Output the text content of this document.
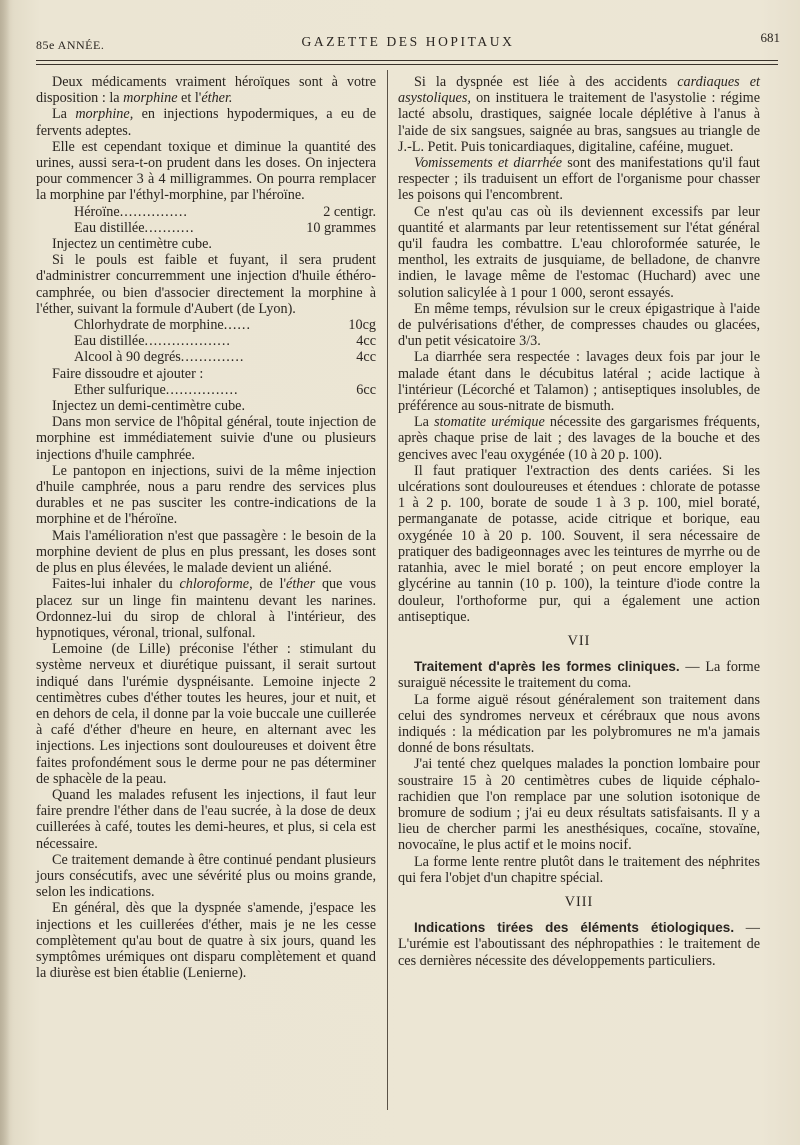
85e ANNÉE.	GAZETTE DES HOPITAUX	681

Deux médicaments vraiment héroïques sont à votre disposition : la morphine et l'éther.

La morphine, en injections hypodermiques, a eu de fervents adeptes.

Elle est cependant toxique et diminue la quantité des urines, aussi sera-t-on prudent dans les doses. On injectera pour commencer 3 à 4 milligrammes. On pourra remplacer la morphine par l'éthyl-morphine, par l'héroïne.

Héroïne ...............	2 centigr.
Eau distillée ...........	10 grammes

Injectez un centimètre cube.

Si le pouls est faible et fuyant, il sera prudent d'administrer concurremment une injection d'huile éthéro-camphrée, ou bien d'associer directement la morphine à l'éther, suivant la formule d'Aubert (de Lyon).

Chlorhydrate de morphine ......	10cg
Eau distillée ...................	4cc
Alcool à 90 degrés ..............	4cc

Faire dissoudre et ajouter :

Ether sulfurique ................	6cc

Injectez un demi-centimètre cube.

Dans mon service de l'hôpital général, toute injection de morphine est immédiatement suivie d'une ou plusieurs injections d'huile camphrée.

Le pantopon en injections, suivi de la même injection d'huile camphrée, nous a paru rendre des services plus durables et ne pas susciter les contre-indications de la morphine et de l'héroïne.

Mais l'amélioration n'est que passagère : le besoin de la morphine devient de plus en plus pressant, les doses sont de plus en plus élevées, le malade devient un aliéné.

Faites-lui inhaler du chloroforme, de l'éther que vous placez sur un linge fin maintenu devant les narines. Ordonnez-lui du sirop de chloral à l'intérieur, des hypnotiques, véronal, trional, sulfonal.

Lemoine (de Lille) préconise l'éther : stimulant du système nerveux et diurétique puissant, il serait surtout indiqué dans l'urémie dyspnéisante. Lemoine injecte 2 centimètres cubes d'éther toutes les heures, jour et nuit, et en dehors de cela, il donne par la voie buccale une cuillerée à café d'éther d'heure en heure, en alternant avec les injections. Les injections sont douloureuses et doivent être faites profondément sous le derme pour ne pas déterminer de sphacèle de la peau.

Quand les malades refusent les injections, il faut leur faire prendre l'éther dans de l'eau sucrée, à la dose de deux cuillerées à café, toutes les demi-heures, et plus, si cela est nécessaire.

Ce traitement demande à être continué pendant plusieurs jours consécutifs, avec une sévérité plus ou moins grande, selon les indications.

En général, dès que la dyspnée s'amende, j'espace les injections et les cuillerées d'éther, mais je ne les cesse complètement qu'au bout de quatre à six jours, quand les symptômes urémiques ont disparu complètement et quand la diurèse est bien établie (Lenierne).

Si la dyspnée est liée à des accidents cardiaques et asystoliques, on instituera le traitement de l'asystolie : régime lacté absolu, drastiques, saignée locale déplétive à l'anus à l'aide de six sangsues, saignée au bras, sangsues au triangle de J.-L. Petit. Puis tonicardiaques, digitaline, caféine, muguet.

Vomissements et diarrhée sont des manifestations qu'il faut respecter ; ils traduisent un effort de l'organisme pour chasser les poisons qui l'encombrent.

Ce n'est qu'au cas où ils deviennent excessifs par leur quantité et alarmants par leur retentissement sur l'état général qu'il faudra les combattre. L'eau chloroformée saturée, le menthol, les extraits de jusquiame, de belladone, de chanvre indien, le lavage même de l'estomac (Huchard) avec une solution salicylée à 1 pour 1 000, seront essayés.

En même temps, révulsion sur le creux épigastrique à l'aide de pulvérisations d'éther, de compresses chaudes ou glacées, d'un petit vésicatoire 3/3.

La diarrhée sera respectée : lavages deux fois par jour le malade étant dans le décubitus latéral ; acide lactique à l'intérieur (Lécorché et Talamon) ; antiseptiques insolubles, de préférence au sous-nitrate de bismuth.

La stomatite urémique nécessite des gargarismes fréquents, après chaque prise de lait ; des lavages de la bouche et des gencives avec l'eau oxygénée (10 à 20 p. 100).

Il faut pratiquer l'extraction des dents cariées. Si les ulcérations sont douloureuses et étendues : chlorate de potasse 1 à 2 p. 100, borate de soude 1 à 3 p. 100, miel boraté, permanganate de potasse, acide citrique et borique, eau oxygénée 10 à 20 p. 100. Souvent, il sera nécessaire de pratiquer des badigeonnages avec les teintures de myrrhe ou de ratanhia, avec le miel boraté ; on peut encore employer la glycérine au tannin (10 p. 100), la teinture d'iode contre la douleur, l'orthoforme pur, qui a également une action antiseptique.

VII

Traitement d'après les formes cliniques. — La forme suraiguë nécessite le traitement du coma.

La forme aiguë résout généralement son traitement dans celui des syndromes nerveux et cérébraux que nous avons indiqués : la médication par les polybromures ne m'a jamais donné de bons résultats.

J'ai tenté chez quelques malades la ponction lombaire pour soustraire 15 à 20 centimètres cubes de liquide céphalo-rachidien que l'on remplace par une solution isotonique de bromure de sodium ; j'ai eu deux résultats satisfaisants. Il y a lieu de chercher parmi les anesthésiques, cocaïne, stovaïne, novocaïne, le plus actif et le moins nocif.

La forme lente rentre plutôt dans le traitement des néphrites qui fera l'objet d'un chapitre spécial.

VIII

Indications tirées des éléments étiologiques. — L'urémie est l'aboutissant des néphropathies : le traitement de ces dernières nécessite des développements particuliers.
